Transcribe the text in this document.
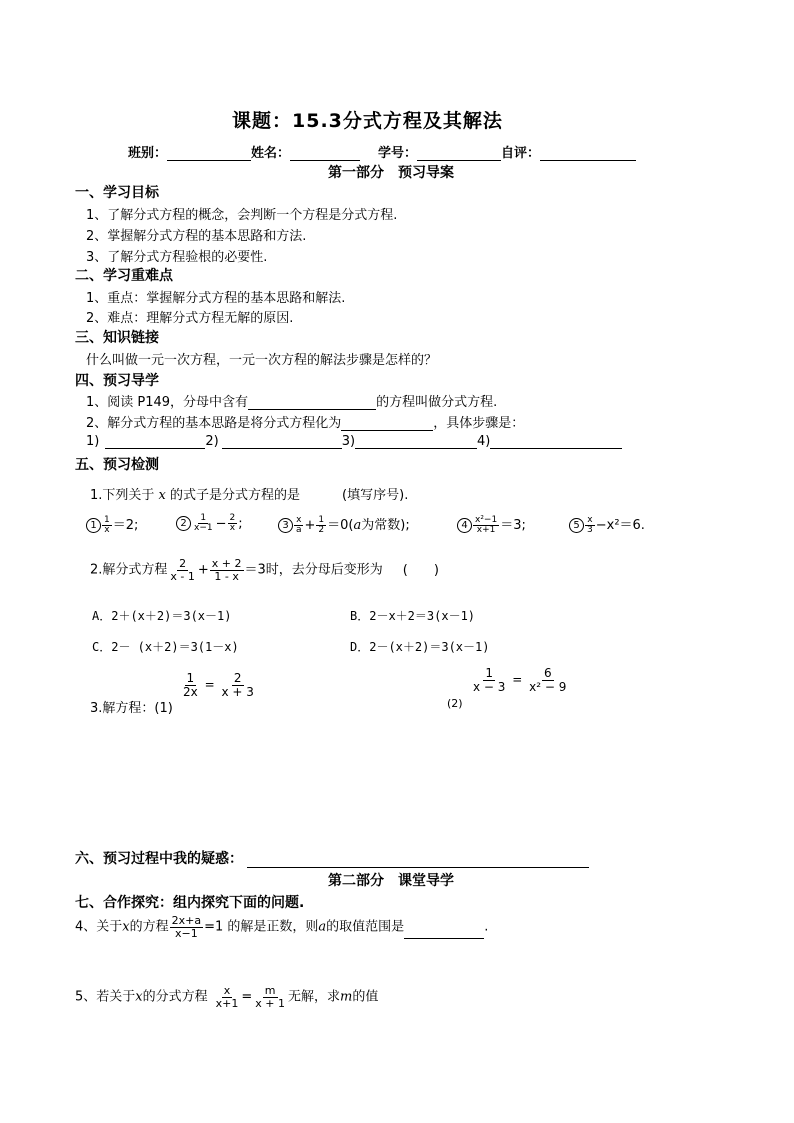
课题：15.3分式方程及其解法
班别：	姓名：	学号：	自评：
第一部分　预习导案
一、学习目标
1、了解分式方程的概念，会判断一个方程是分式方程.
2、掌握解分式方程的基本思路和方法.
3、了解分式方程验根的必要性.
二、学习重难点
1、重点：掌握解分式方程的基本思路和解法.
2、难点：理解分式方程无解的原因.
三、知识链接
什么叫做一元一次方程，一元一次方程的解法步骤是怎样的？
四、预习导学
1、阅读 P149，分母中含有	的方程叫做分式方程.
2、解分式方程的基本思路是将分式方程化为	，具体步骤是：
1)	2)	3)	4)
五、预习检测
1.下列关于 x 的式子是分式方程的是	(填写序号).
$1 \frac{1}{x} =2$;	$2 \frac{1}{x-1} - \frac{2}{x}$ ;	$3 \frac{x}{a} + \frac{1}{2} =0(a$为常数);	$4 \frac{\text{x²−1}}{x+1} =3$;	$5 \frac{x}{3} -x^2=6$.
2.解分式方程 $\frac{2}{x - 1} + \frac{x + 2}{1 - x} =3$时，去分母后变形为 (　　)
A．2＋(x＋2)＝3(x－1)	B．2－x＋2＝3(x－1)
C．2－ (x＋2)＝3(1－x)	D．2－(x＋2)＝3(x－1)
3.解方程：(1)
$\frac{1}{2x} = \frac{2}{x + 3}$
(2)
$\frac{1}{x - 3} = \frac{6}{\text{x² − 9}}$
六、预习过程中我的疑惑：
第二部分　课堂导学
七、合作探究：组内探究下面的问题.
4、关于x的方程 $\frac{2x+a}{x-1} =1$ 的解是正数，则a的取值范围是	.
5、若关于x的分式方程 $\frac{x}{x+1} = \frac{m}{x + 1}$ 无解，求m的值
